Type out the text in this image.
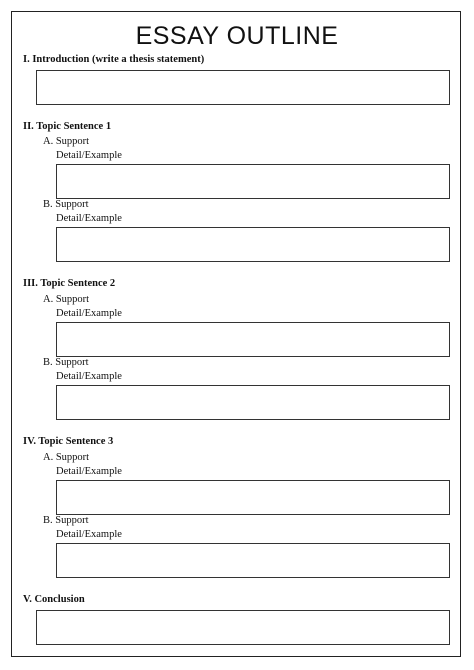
ESSAY OUTLINE
I. Introduction (write a thesis statement)
II. Topic Sentence 1
A. Support
Detail/Example
B. Support
Detail/Example
III. Topic Sentence 2
A. Support
Detail/Example
B. Support
Detail/Example
IV. Topic Sentence 3
A. Support
Detail/Example
B. Support
Detail/Example
V. Conclusion
